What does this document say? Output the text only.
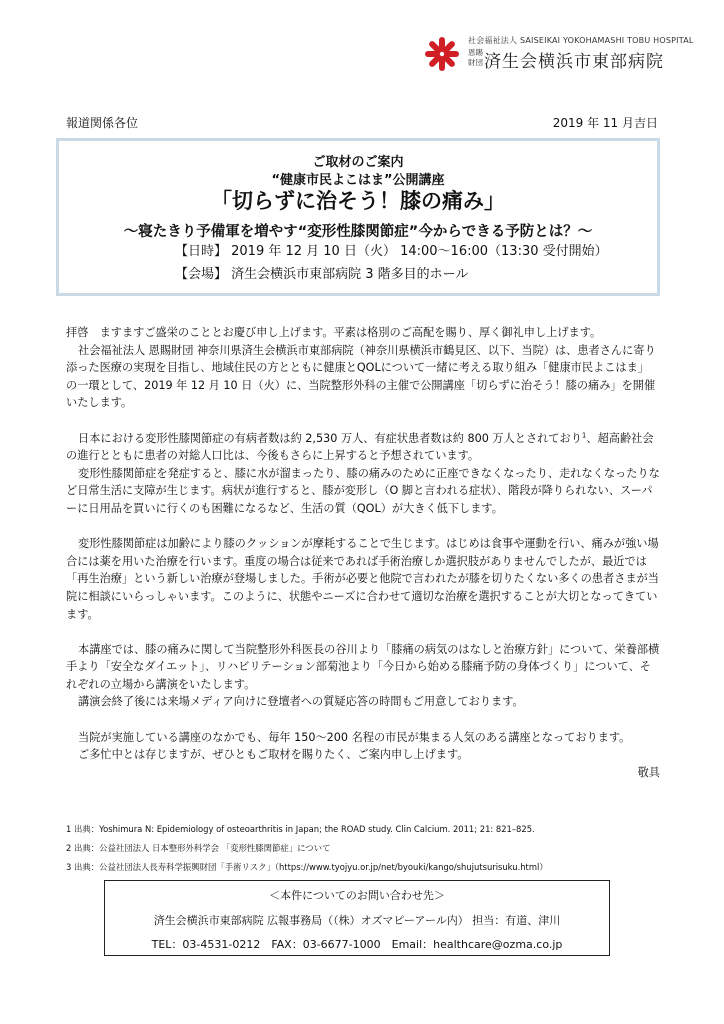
社会福祉法人 SAISEIKAI YOKOHAMASHI TOBU HOSPITAL
恩賜財団 済生会横浜市東部病院
報道関係各位	2019 年 11 月吉日
ご取材のご案内
“健康市民よこはま”公開講座
「切らずに治そう！膝の痛み」
～寝たきり予備軍を増やす“変形性膝関節症”今からできる予防とは？～
【日時】 2019 年 12 月 10 日（火） 14:00～16:00（13:30 受付開始）
【会場】 済生会横浜市東部病院 3 階多目的ホール

拝啓　ますますご盛栄のこととお慶び申し上げます。平素は格別のご高配を賜り、厚く御礼申し上げます。

社会福祉法人 恩賜財団 神奈川県済生会横浜市東部病院（神奈川県横浜市鶴見区、以下、当院）は、患者さんに寄り添った医療の実現を目指し、地域住民の方とともに健康とQOLについて一緒に考える取り組み「健康市民よこはま」の一環として、2019 年 12 月 10 日（火）に、当院整形外科の主催で公開講座「切らずに治そう！膝の痛み」を開催いたします。

日本における変形性膝関節症の有病者数は約 2,530 万人、有症状患者数は約 800 万人とされており$^1$、超高齢社会の進行とともに患者の対総人口比は、今後もさらに上昇すると予想されています。

変形性膝関節症を発症すると、膝に水が溜まったり、膝の痛みのために正座できなくなったり、走れなくなったりなど日常生活に支障が生じます。病状が進行すると、膝が変形し（O 脚と言われる症状）、階段が降りられない、スーパーに日用品を買いに行くのも困難になるなど、生活の質（QOL）が大きく低下します。

変形性膝関節症は加齢により膝のクッションが摩耗することで生じます。はじめは食事や運動を行い、痛みが強い場合には薬を用いた治療を行います。重度の場合は従来であれば手術治療しか選択肢がありませんでしたが、最近では「再生治療」という新しい治療が登場しました。手術が必要と他院で言われたが膝を切りたくない多くの患者さまが当院に相談にいらっしゃいます。このように、状態やニーズに合わせて適切な治療を選択することが大切となってきています。

本講座では、膝の痛みに関して当院整形外科医長の谷川より「膝痛の病気のはなしと治療方針」について、栄養部横手より「安全なダイエット」、リハビリテーション部菊池より「今日から始める膝痛予防の身体づくり」について、それぞれの立場から講演をいたします。

講演会終了後には来場メディア向けに登壇者への質疑応答の時間もご用意しております。

当院が実施している講座のなかでも、毎年 150～200 名程の市民が集まる人気のある講座となっております。

ご多忙中とは存じますが、ぜひともご取材を賜りたく、ご案内申し上げます。

敬具

1 出典：Yoshimura N: Epidemiology of osteoarthritis in Japan; the ROAD study. Clin Calcium. 2011; 21: 821–825.

2 出典：公益社団法人 日本整形外科学会 「変形性膝関節症」について

3 出典：公益社団法人長寿科学振興財団「手術リスク」（https://www.tyojyu.or.jp/net/byouki/kango/shujutsurisuku.html）

＜本件についてのお問い合わせ先＞
済生会横浜市東部病院 広報事務局（（株）オズマピーアール内） 担当：有道、津川
TEL：03-4531-0212　FAX：03-6677-1000　Email：healthcare@ozma.co.jp
